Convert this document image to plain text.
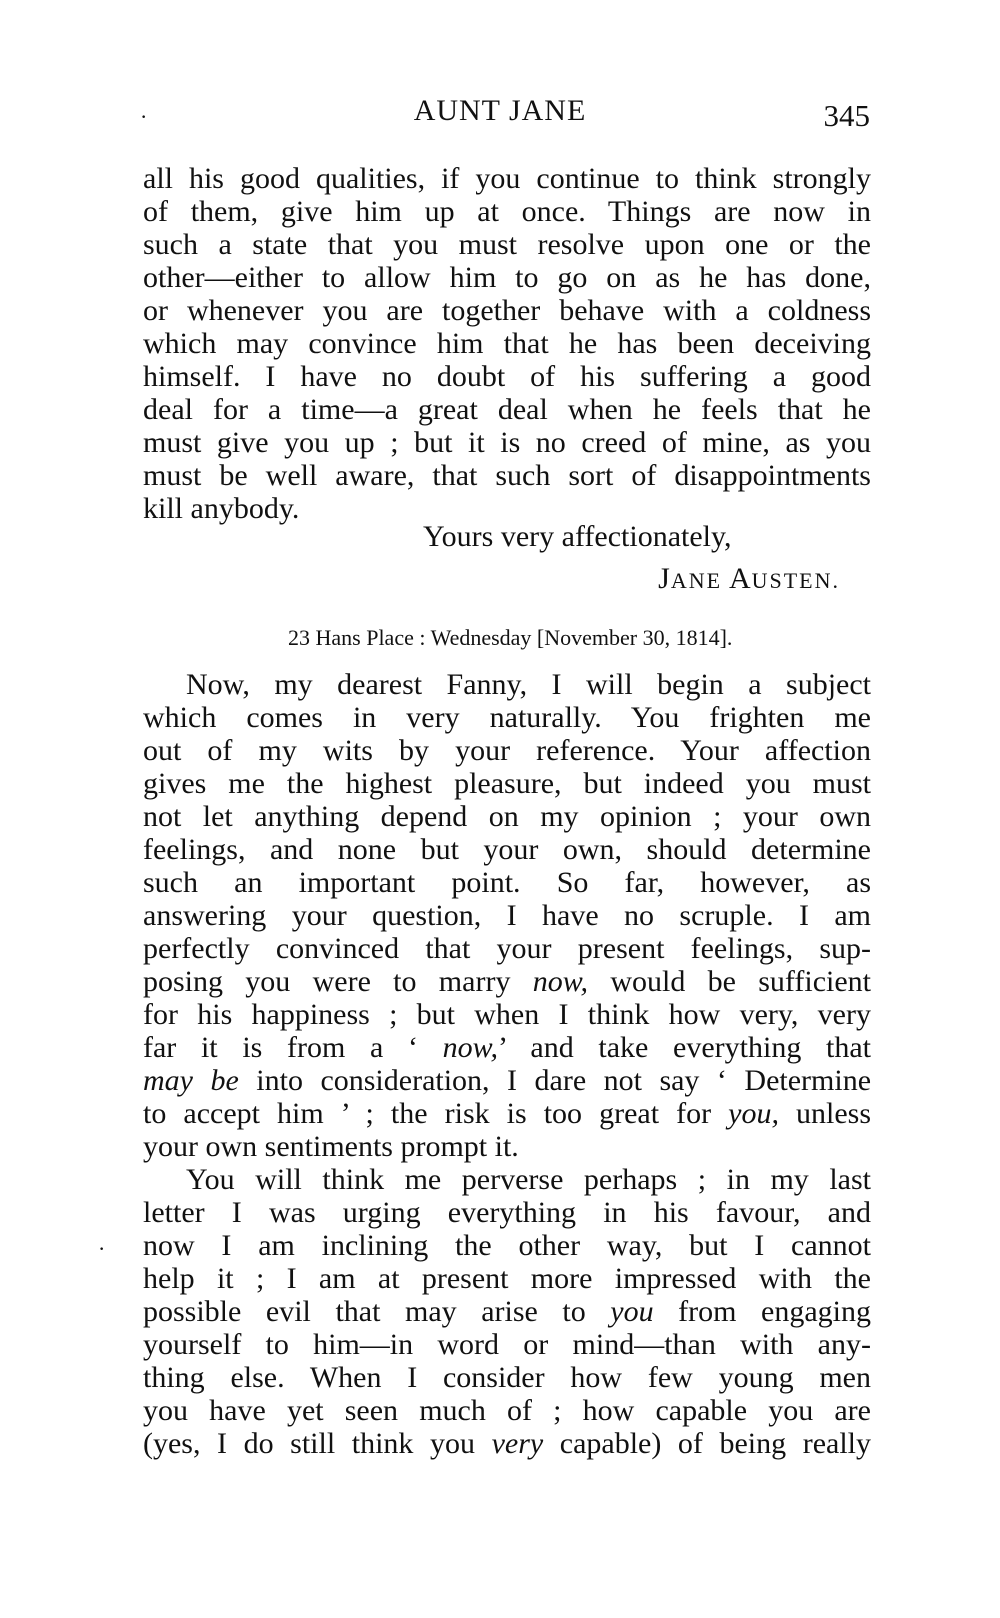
·	AUNT JANE	345
all his good qualities, if you continue to think strongly
of them, give him up at once. Things are now in
such a state that you must resolve upon one or the
other—either to allow him to go on as he has done,
or whenever you are together behave with a coldness
which may convince him that he has been deceiving
himself. I have no doubt of his suffering a good
deal for a time—a great deal when he feels that he
must give you up ; but it is no creed of mine, as you
must be well aware, that such sort of disappointments
kill anybody.
Yours very affectionately,
JANE AUSTEN.
23 Hans Place : Wednesday [November 30, 1814].
Now, my dearest Fanny, I will begin a subject
which comes in very naturally. You frighten me
out of my wits by your reference. Your affection
gives me the highest pleasure, but indeed you must
not let anything depend on my opinion ; your own
feelings, and none but your own, should determine
such an important point. So far, however, as
answering your question, I have no scruple. I am
perfectly convinced that your present feelings, sup-
posing you were to marry now, would be sufficient
for his happiness ; but when I think how very, very
far it is from a ‘ now,’ and take everything that
may be into consideration, I dare not say ‘ Determine
to accept him ’ ; the risk is too great for you, unless
your own sentiments prompt it.
You will think me perverse perhaps ; in my last
letter I was urging everything in his favour, and
now I am inclining the other way, but I cannot
help it ; I am at present more impressed with the
possible evil that may arise to you from engaging
yourself to him—in word or mind—than with any-
thing else. When I consider how few young men
you have yet seen much of ; how capable you are
(yes, I do still think you very capable) of being really
·
